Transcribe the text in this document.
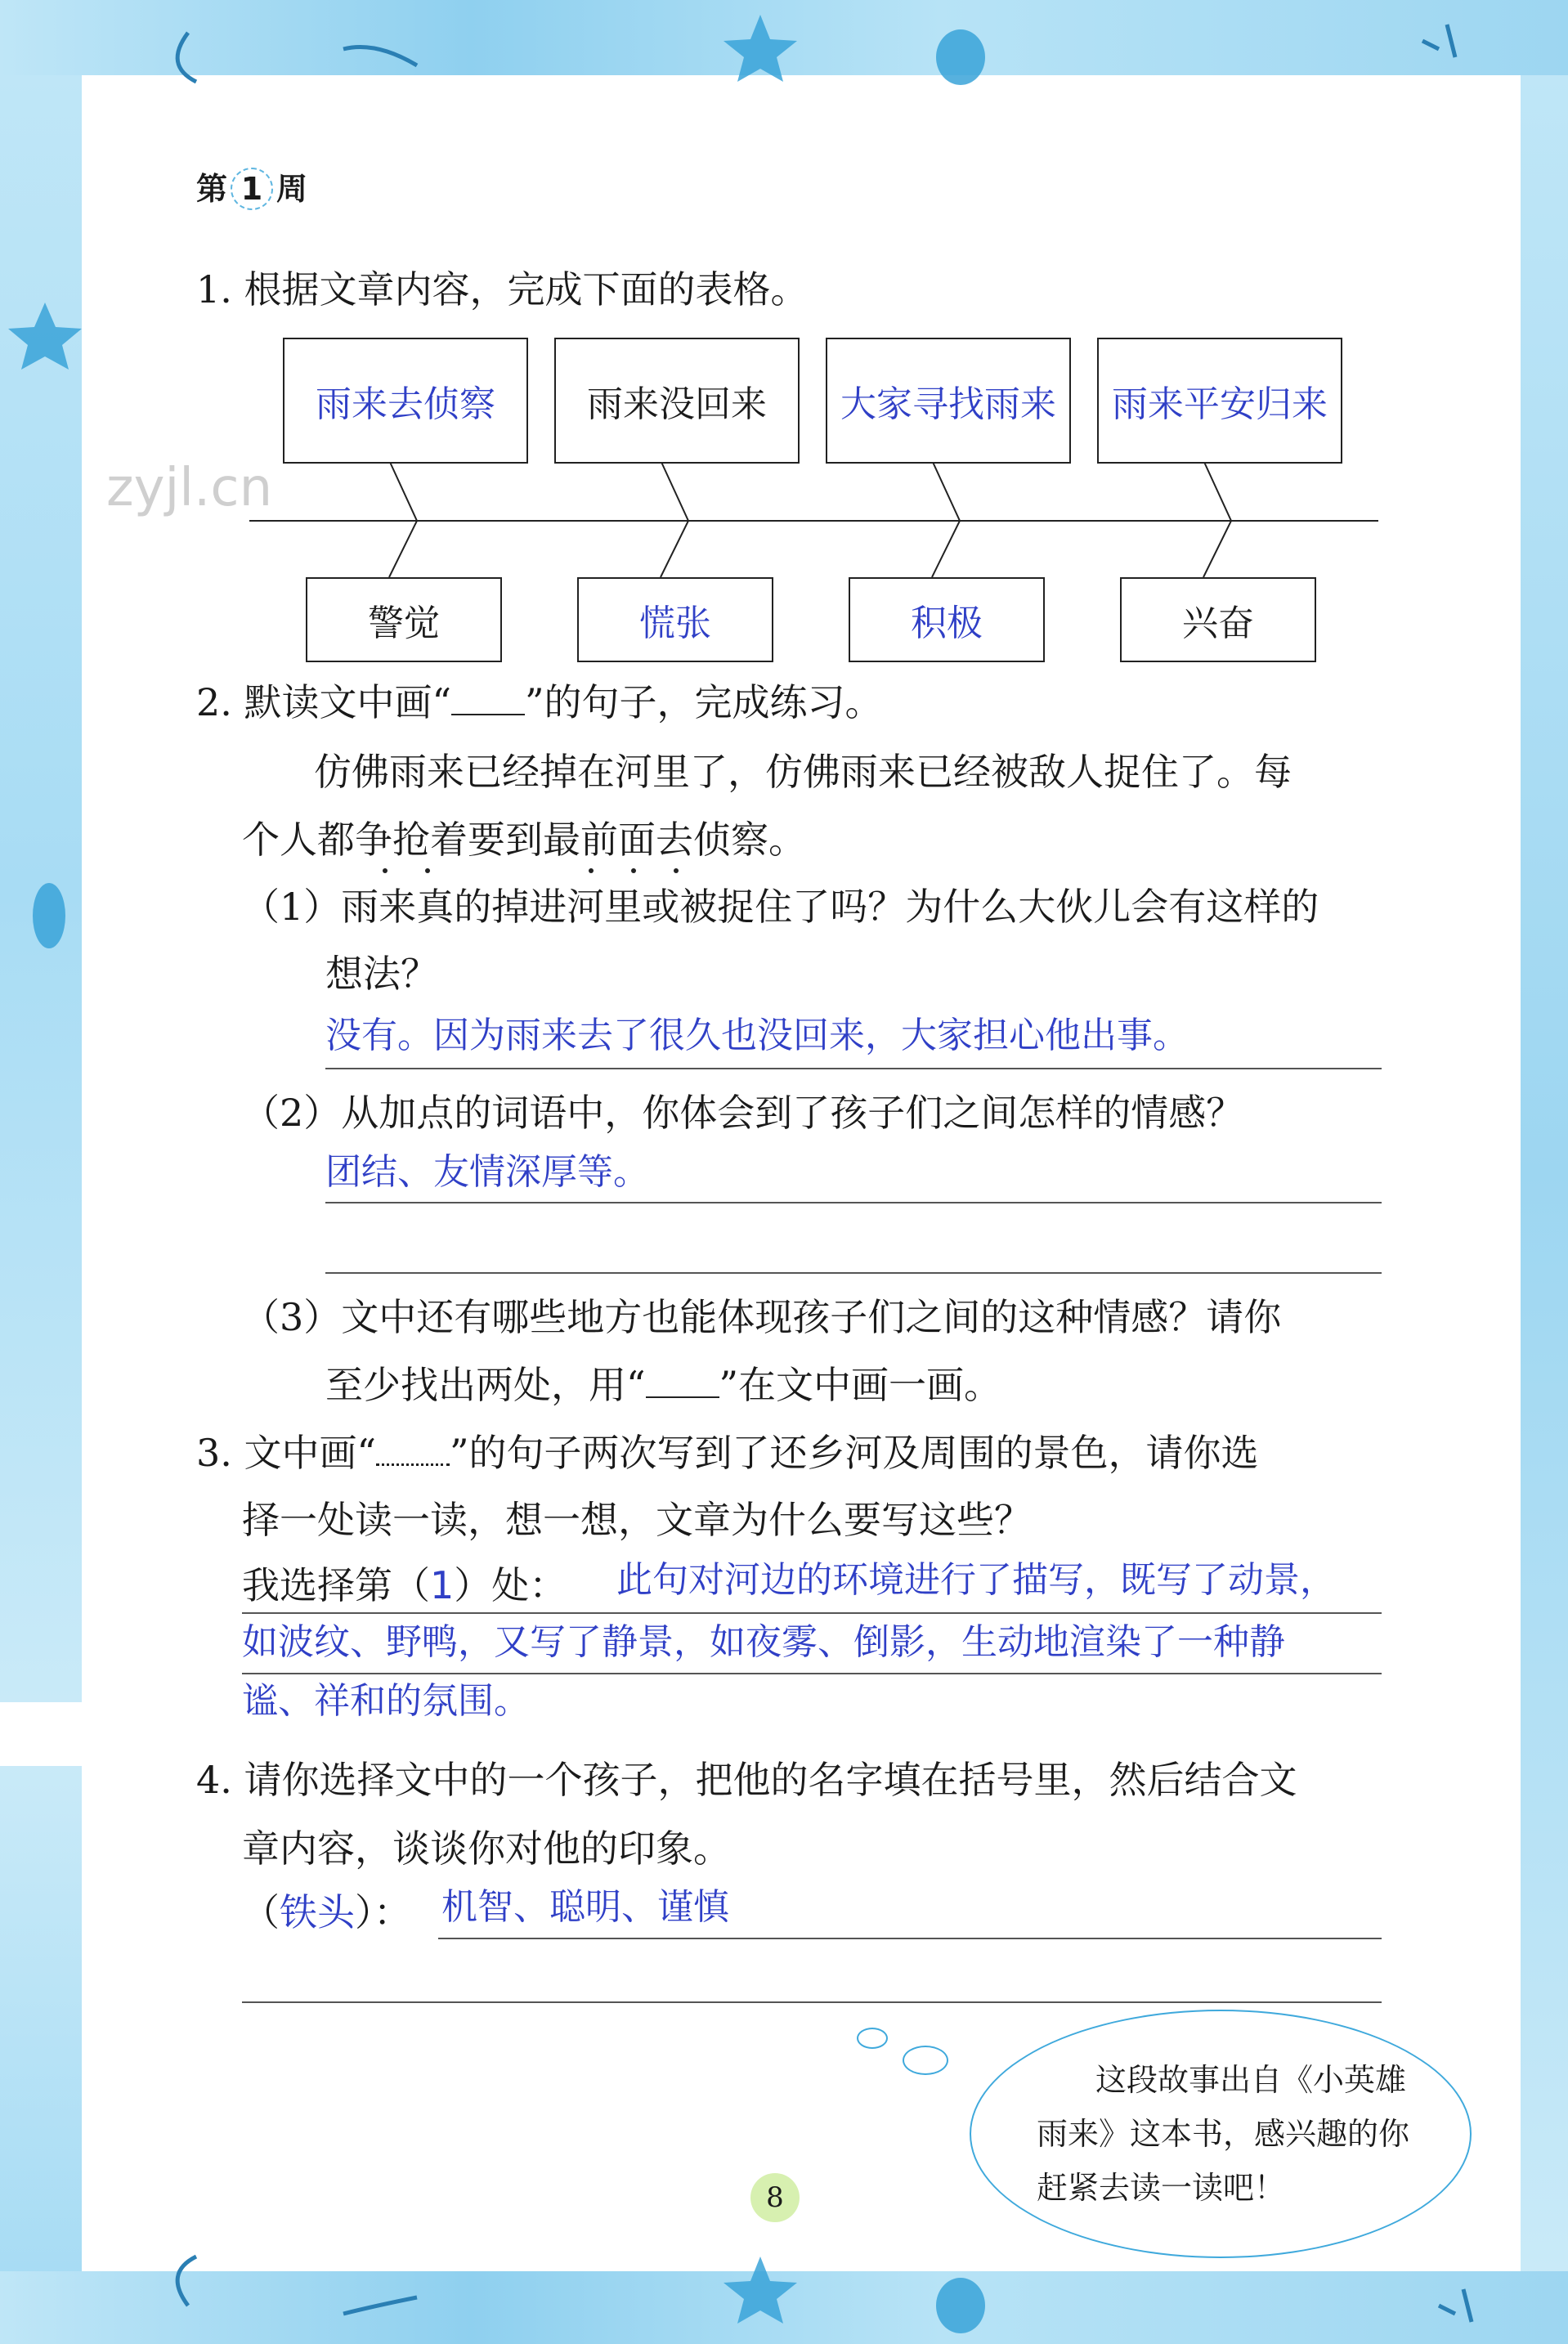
zyjl.cn
第 1 周
1. 根据文章内容，完成下面的表格。
雨来去侦察	雨来没回来	大家寻找雨来	雨来平安归来
警觉	慌张	积极	兴奋
2. 默读文中画“ ”的句子，完成练习。
仿佛雨来已经掉在河里了，仿佛雨来已经被敌人捉住了。每
个人都争抢着要到最前面去侦察。
（1）雨来真的掉进河里或被捉住了吗？为什么大伙儿会有这样的
想法？
没有。因为雨来去了很久也没回来，大家担心他出事。
（2）从加点的词语中，你体会到了孩子们之间怎样的情感？
团结、友情深厚等。
（3）文中还有哪些地方也能体现孩子们之间的这种情感？请你
至少找出两处，用“ ”在文中画一画。
3. 文中画“ ”的句子两次写到了还乡河及周围的景色，请你选
择一处读一读，想一想，文章为什么要写这些？
我选择第（1）处： 此句对河边的环境进行了描写，既写了动景，
如波纹、野鸭，又写了静景，如夜雾、倒影，生动地渲染了一种静
谧、祥和的氛围。
4. 请你选择文中的一个孩子，把他的名字填在括号里，然后结合文
章内容，谈谈你对他的印象。
（铁头）： 机智、聪明、谨慎
这段故事出自《小英雄
雨来》这本书，感兴趣的你
赶紧去读一读吧！
8
